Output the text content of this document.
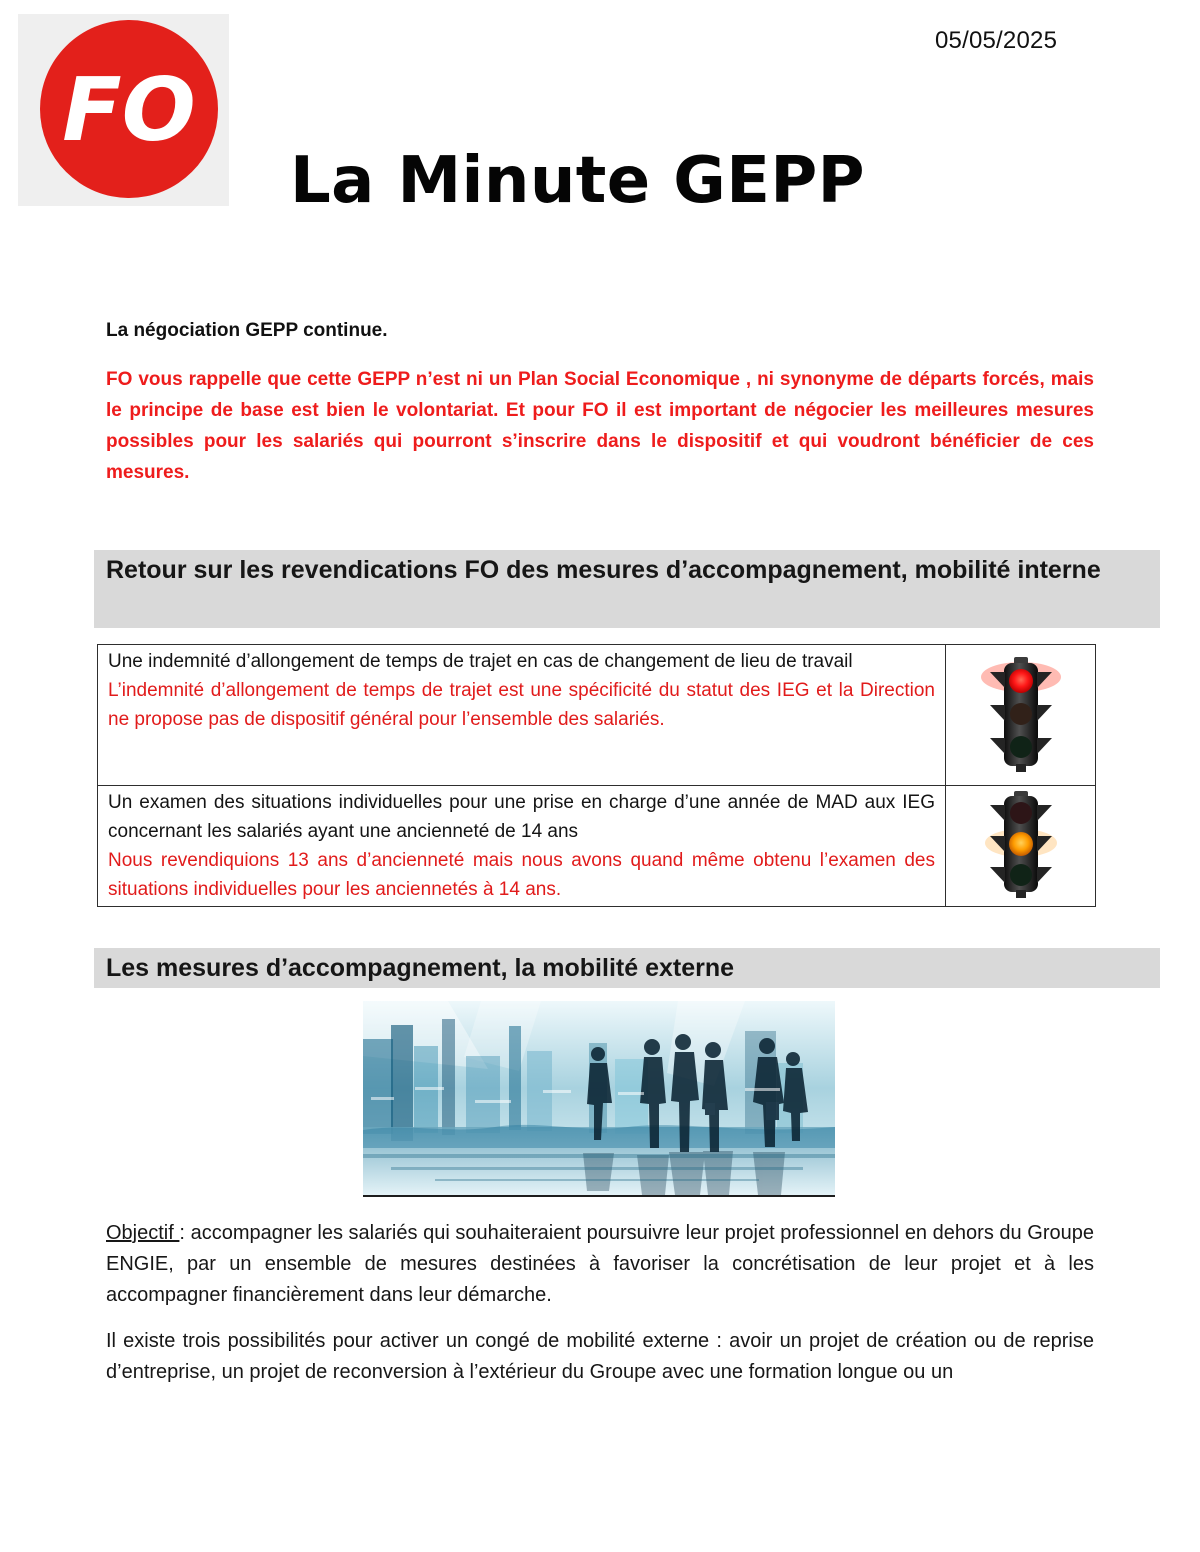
FO
05/05/2025
La Minute GEPP
La négociation GEPP continue.

FO vous rappelle que cette GEPP n’est ni un Plan Social Economique , ni synonyme de départs forcés, mais le principe de base est bien le volontariat. Et pour FO il est important de négocier les meilleures mesures possibles pour les salariés qui pourront s’inscrire dans le dispositif et qui voudront bénéficier de ces mesures.

Retour sur les revendications FO des mesures d’accompagnement, mobilité interne
Une indemnité d’allongement de temps de trajet en cas de changement de lieu de travail
L’indemnité d’allongement de temps de trajet est une spécificité du statut des IEG et la Direction ne propose pas de dispositif général pour l’ensemble des salariés.

Un examen des situations individuelles pour une prise en charge d’une année de MAD aux IEG concernant les salariés ayant une ancienneté de 14 ans
Nous revendiquions 13 ans d’ancienneté mais nous avons quand même obtenu l’examen des situations individuelles pour les anciennetés à 14 ans.

Les mesures d’accompagnement, la mobilité externe

Objectif : accompagner les salariés qui souhaiteraient poursuivre leur projet professionnel en dehors du Groupe ENGIE, par un ensemble de mesures destinées à favoriser la concrétisation de leur projet et à les accompagner financièrement dans leur démarche.

Il existe trois possibilités pour activer un congé de mobilité externe : avoir un projet de création ou de reprise d’entreprise, un projet de reconversion à l’extérieur du Groupe avec une formation longue ou un
